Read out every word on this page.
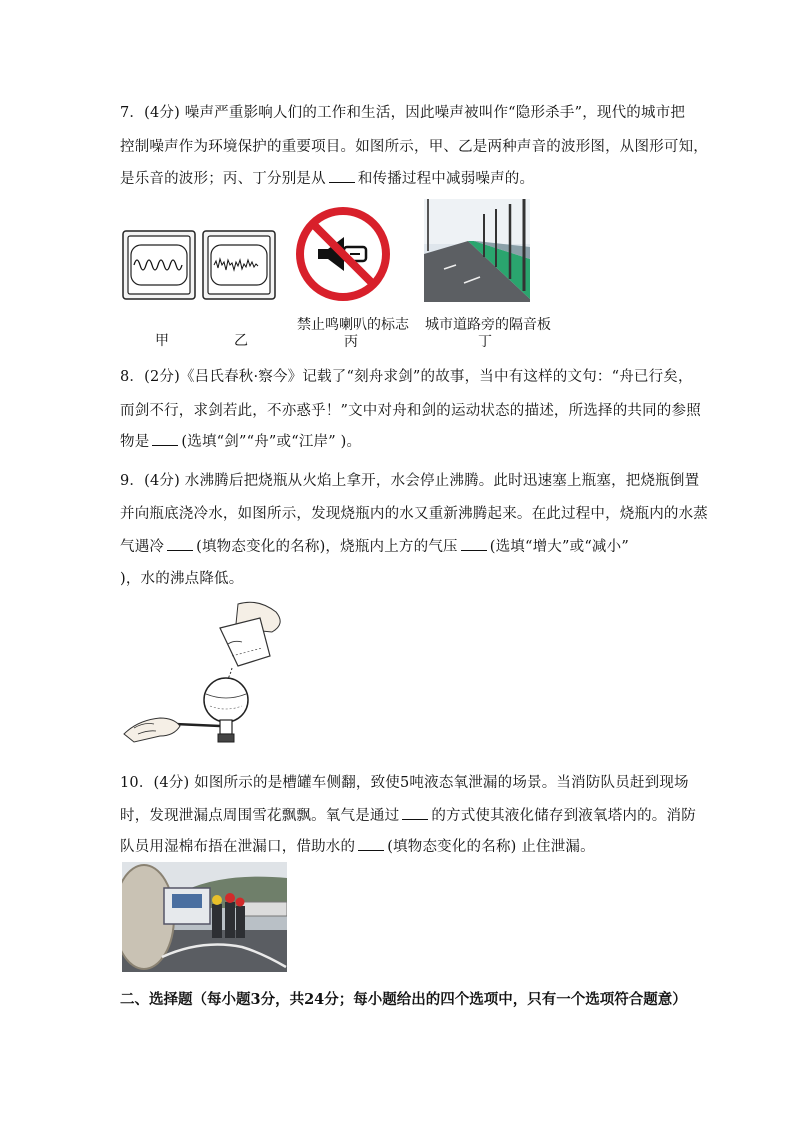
7．(4分) 噪声严重影响人们的工作和生活，因此噪声被叫作“隐形杀手”，现代的城市把
控制噪声作为环境保护的重要项目。如图所示，甲、乙是两种声音的波形图，从图形可知，
是乐音的波形；丙、丁分别是从 和传播过程中减弱噪声的。
甲	乙
禁止鸣喇叭的标志
丙
城市道路旁的隔音板
丁
8．(2分)《吕氏春秋·察今》记载了“刻舟求剑”的故事，当中有这样的文句：“舟已行矣，
而剑不行，求剑若此，不亦惑乎！”文中对舟和剑的运动状态的描述，所选择的共同的参照
物是 (选填“剑”“舟”或“江岸” )。
9．(4分) 水沸腾后把烧瓶从火焰上拿开，水会停止沸腾。此时迅速塞上瓶塞，把烧瓶倒置
并向瓶底浇冷水，如图所示，发现烧瓶内的水又重新沸腾起来。在此过程中，烧瓶内的水蒸
气遇冷 (填物态变化的名称)，烧瓶内上方的气压 (选填“增大”或“减小”
)，水的沸点降低。
10．(4分) 如图所示的是槽罐车侧翻，致使5吨液态氧泄漏的场景。当消防队员赶到现场
时，发现泄漏点周围雪花飘飘。氧气是通过 的方式使其液化储存到液氧塔内的。消防
队员用湿棉布捂在泄漏口，借助水的 (填物态变化的名称) 止住泄漏。
二、选择题（每小题3分，共24分；每小题给出的四个选项中，只有一个选项符合题意）
